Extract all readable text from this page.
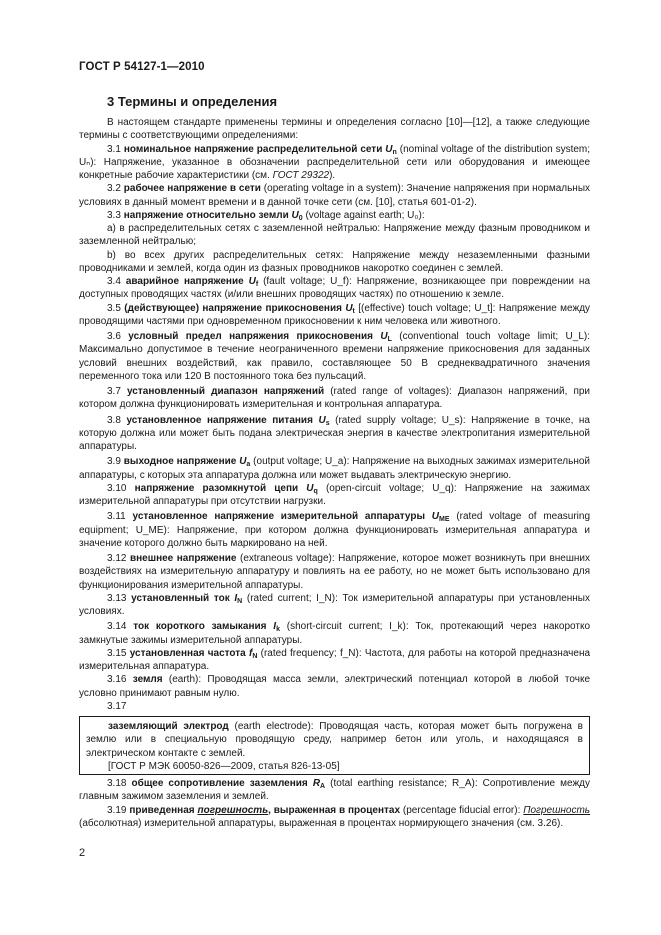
ГОСТ Р 54127-1—2010
3 Термины и определения

В настоящем стандарте применены термины и определения согласно [10]—[12], а также следующие термины с соответствующими определениями:

3.1 номинальное напряжение распределительной сети $U_n$ (nominal voltage of the distribution system; Uₙ): Напряжение, указанное в обозначении распределительной сети или оборудования и имеющее конкретные рабочие характеристики (см. ГОСТ 29322).

3.2 рабочее напряжение в сети (operating voltage in a system): Значение напряжения при нормальных условиях в данный момент времени и в данной точке сети (см. [10], статья 601-01-2).

3.3 напряжение относительно земли $U_0$ (voltage against earth; U₀):

a) в распределительных сетях с заземленной нейтралью: Напряжение между фазным проводником и заземленной нейтралью;

b) во всех других распределительных сетях: Напряжение между незаземленными фазными проводниками и землей, когда один из фазных проводников накоротко соединен с землей.

3.4 аварийное напряжение $U_f$ (fault voltage; U_f): Напряжение, возникающее при повреждении на доступных проводящих частях (и/или внешних проводящих частях) по отношению к земле.

3.5 (действующее) напряжение прикосновения $U_t$ [(effective) touch voltage; U_t]: Напряжение между проводящими частями при одновременном прикосновении к ним человека или животного.

3.6 условный предел напряжения прикосновения $U_L$ (conventional touch voltage limit; U_L): Максимально допустимое в течение неограниченного времени напряжение прикосновения для заданных условий внешних воздействий, как правило, составляющее 50 В среднеквадратичного значения переменного тока или 120 В постоянного тока без пульсаций.

3.7 установленный диапазон напряжений (rated range of voltages): Диапазон напряжений, при котором должна функционировать измерительная и контрольная аппаратура.

3.8 установленное напряжение питания $U_s$ (rated supply voltage; U_s): Напряжение в точке, на которую должна или может быть подана электрическая энергия в качестве электропитания измерительной аппаратуры.

3.9 выходное напряжение $U_a$ (output voltage; U_a): Напряжение на выходных зажимах измерительной аппаратуры, с которых эта аппаратура должна или может выдавать электрическую энергию.

3.10 напряжение разомкнутой цепи $U_q$ (open-circuit voltage; U_q): Напряжение на зажимах измерительной аппаратуры при отсутствии нагрузки.

3.11 установленное напряжение измерительной аппаратуры $U_{ME}$ (rated voltage of measuring equipment; U_ME): Напряжение, при котором должна функционировать измерительная аппаратура и значение которого должно быть маркировано на ней.

3.12 внешнее напряжение (extraneous voltage): Напряжение, которое может возникнуть при внешних воздействиях на измерительную аппаратуру и повлиять на ее работу, но не может быть использовано для функционирования измерительной аппаратуры.

3.13 установленный ток $I_N$ (rated current; I_N): Ток измерительной аппаратуры при установленных условиях.

3.14 ток короткого замыкания $I_k$ (short-circuit current; I_k): Ток, протекающий через накоротко замкнутые зажимы измерительной аппаратуры.

3.15 установленная частота $f_N$ (rated frequency; f_N): Частота, для работы на которой предназначена измерительная аппаратура.

3.16 земля (earth): Проводящая масса земли, электрический потенциал которой в любой точке условно принимают равным нулю.

3.17

заземляющий электрод (earth electrode): Проводящая часть, которая может быть погружена в землю или в специальную проводящую среду, например бетон или уголь, и находящаяся в электрическом контакте с землей.

[ГОСТ Р МЭК 60050-826—2009, статья 826-13-05]

3.18 общее сопротивление заземления $R_A$ (total earthing resistance; R_A): Сопротивление между главным зажимом заземления и землей.

3.19 приведенная погрешность, выраженная в процентах (percentage fiducial error): Погрешность (абсолютная) измерительной аппаратуры, выраженная в процентах нормирующего значения (см. 3.26).

2
